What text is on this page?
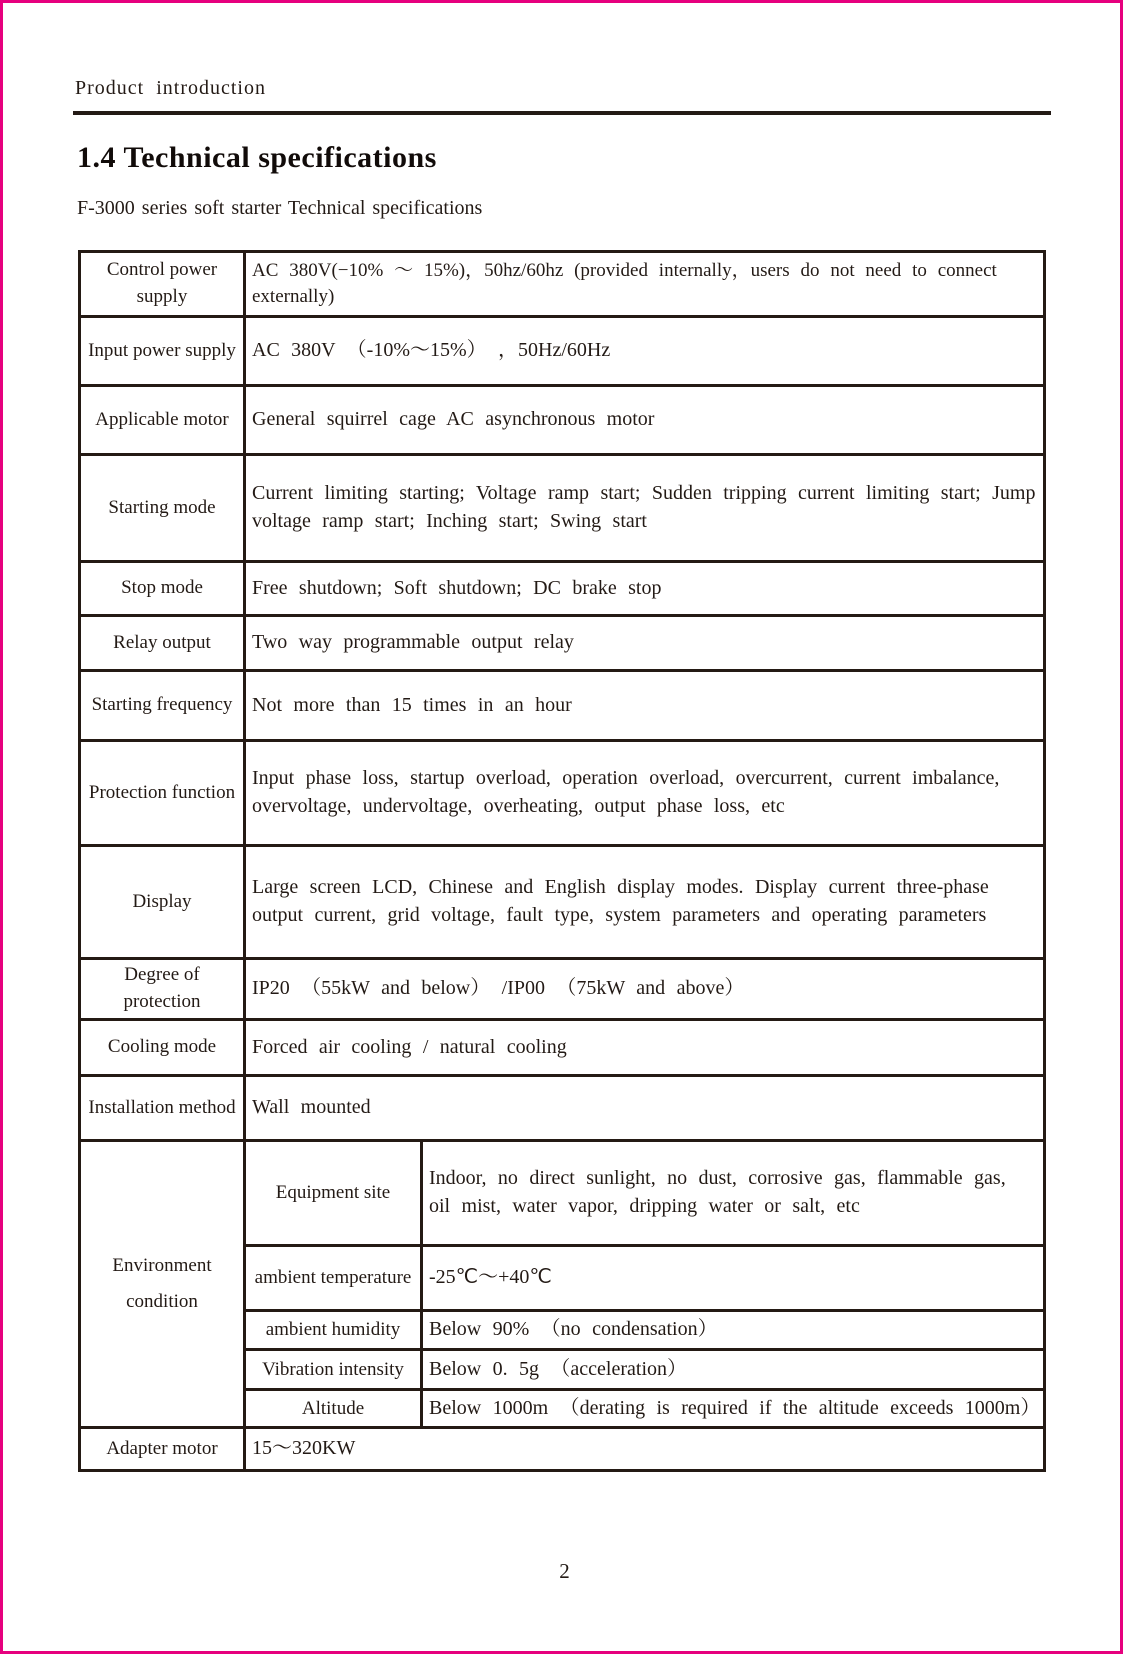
Product introduction
1.4 Technical specifications
F-3000 series soft starter Technical specifications
Control power supply	AC 380V(−10% ～ 15%)，50hz/60hz (provided internally，users do not need to connect externally)	
Input power supply	AC 380V （-10%～15%） ，50Hz/60Hz	
Applicable motor	General squirrel cage AC asynchronous motor	
Starting mode	Current limiting starting; Voltage ramp start; Sudden tripping current limiting start; Jump voltage ramp start; Inching start; Swing start	
Stop mode	Free shutdown; Soft shutdown; DC brake stop	
Relay output	Two way programmable output relay	
Starting frequency	Not more than 15 times in an hour	
Protection function	Input phase loss, startup overload, operation overload, overcurrent, current imbalance, overvoltage, undervoltage, overheating, output phase loss, etc	
Display	Large screen LCD, Chinese and English display modes. Display current three-phase output current, grid voltage, fault type, system parameters and operating parameters	
Degree of protection	IP20 （55kW and below） /IP00 （75kW and above）	
Cooling mode	Forced air cooling / natural cooling	
Installation method	Wall mounted	
Environment condition	Equipment site	Indoor, no direct sunlight, no dust, corrosive gas, flammable gas, oil mist, water vapor, dripping water or salt, etc
	ambient temperature	-25℃～+40℃
	ambient humidity	Below 90% （no condensation）
	Vibration intensity	Below 0. 5g （acceleration）
	Altitude	Below 1000m （derating is required if the altitude exceeds 1000m）
Adapter motor	15～320KW	
2
